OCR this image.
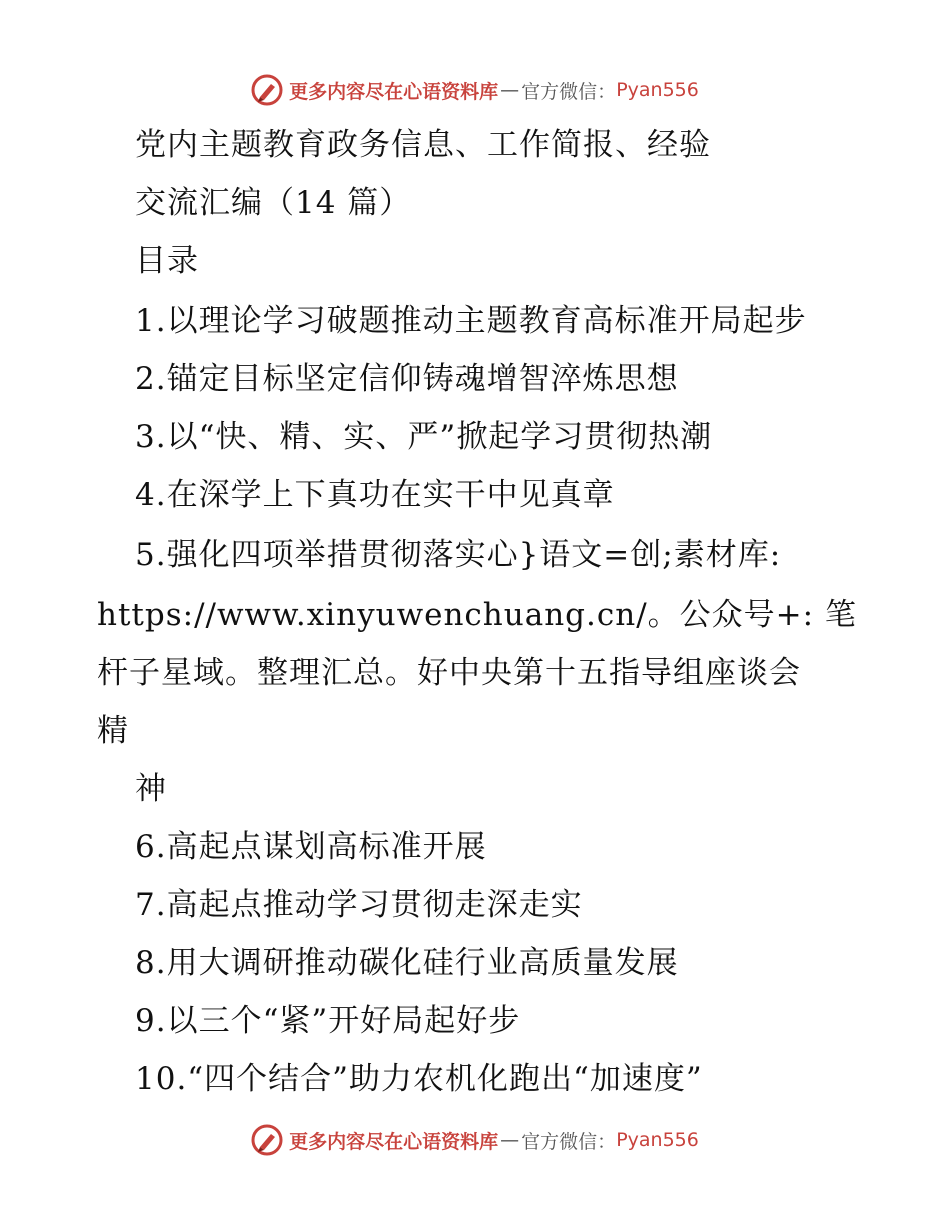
更多内容尽在心语资料库 — 官方微信： Pyan556
党内主题教育政务信息、工作简报、经验
交流汇编（14 篇）
目录
1.以理论学习破题推动主题教育高标准开局起步
2.锚定目标坚定信仰铸魂增智淬炼思想
3.以“快、精、实、严”掀起学习贯彻热潮
4.在深学上下真功在实干中见真章
5.强化四项举措贯彻落实心}语文=创;素材库:
https://www.xinyuwenchuang.cn/。公众号+: 笔
杆子星域。整理汇总。好中央第十五指导组座谈会
精
神
6.高起点谋划高标准开展
7.高起点推动学习贯彻走深走实
8.用大调研推动碳化硅行业高质量发展
9.以三个“紧”开好局起好步
10.“四个结合”助力农机化跑出“加速度”
更多内容尽在心语资料库 — 官方微信： Pyan556
